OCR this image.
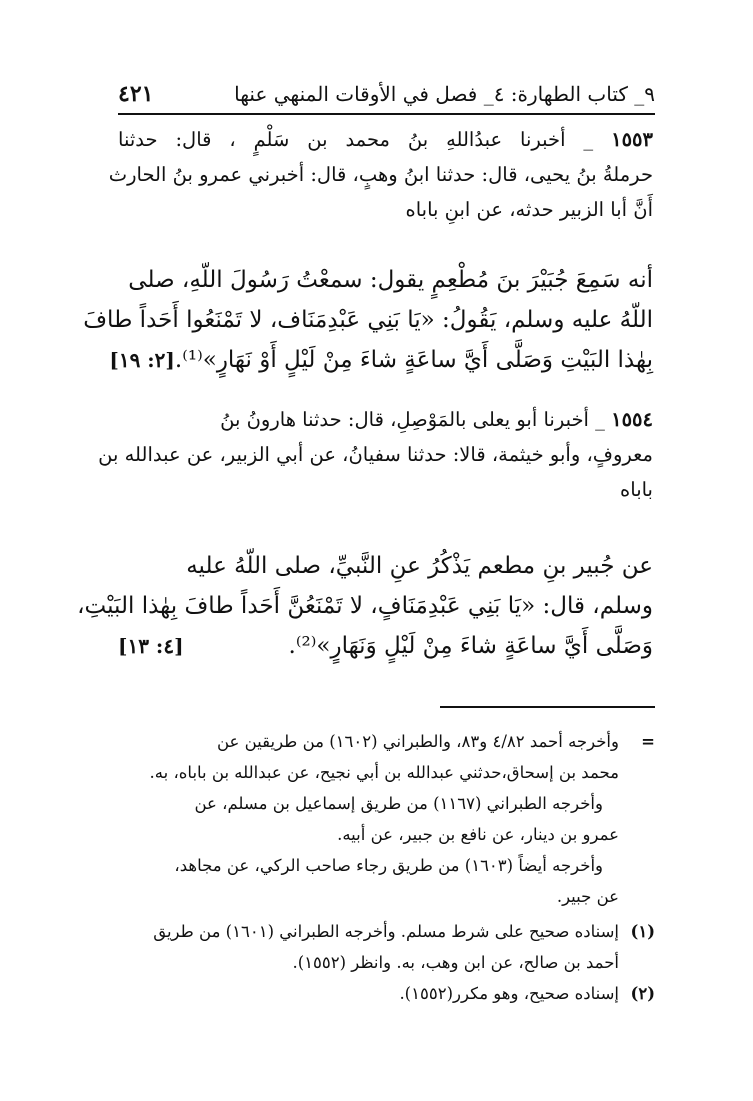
٩_ كتاب الطهارة: ٤_ فصل في الأوقات المنهي عنها
٤٢١
١٥٥٣ _ أخبرنا عبدُاللهِ بنُ محمد بن سَلْمٍ ، قال: حدثنا
حرملةُ بنُ يحيى، قال: حدثنا ابنُ وهبٍ، قال: أخبرني عمرو بنُ الحارث
أَنَّ أبا الزبير حدثه، عن ابنِ باباه
أنه سَمِعَ جُبَيْرَ بنَ مُطْعِمٍ يقول: سمعْتُ رَسُولَ اللّهِ، صلى
اللّهُ عليه وسلم، يَقُولُ: «يَا بَنِي عَبْدِمَنَاف، لا تَمْنَعُوا أَحَداً طافَ
بِهٰذا البَيْتِ وَصَلَّى أَيَّ ساعَةٍ شاءَ مِنْ لَيْلٍ أَوْ نَهَارٍ»⁽¹⁾.
[٢: ١٩]
١٥٥٤ _ أخبرنا أبو يعلى بالمَوْصِلِ، قال: حدثنا هارونُ بنُ
معروفٍ، وأبو خيثمة، قالا: حدثنا سفيانُ، عن أبي الزبير، عن عبدالله بن
باباه
عن جُبير بنِ مطعم يَذْكُرُ عنِ النَّبيِّ، صلى اللّهُ عليه
وسلم، قال: «يَا بَنِي عَبْدِمَنَافٍ، لا تَمْنَعُنَّ أَحَداً طافَ بِهٰذا البَيْتِ،
وَصَلَّى أَيَّ ساعَةٍ شاءَ مِنْ لَيْلٍ وَنَهَارٍ»⁽²⁾.
[٤: ١٣]
=وأخرجه أحمد ٤/٨٢ و٨٣، والطبراني (١٦٠٢) من طريقين عن
محمد بن إسحاق،حدثني عبدالله بن أبي نجيح، عن عبدالله بن باباه، به.
وأخرجه الطبراني (١١٦٧) من طريق إسماعيل بن مسلم، عن
عمرو بن دينار، عن نافع بن جبير، عن أبيه.
وأخرجه أيضاً (١٦٠٣) من طريق رجاء صاحب الركي، عن مجاهد،
عن جبير.
(١)إسناده صحيح على شرط مسلم. وأخرجه الطبراني (١٦٠١) من طريق
أحمد بن صالح، عن ابن وهب، به. وانظر (١٥٥٢).
(٢)إسناده صحيح، وهو مكرر(١٥٥٢).
